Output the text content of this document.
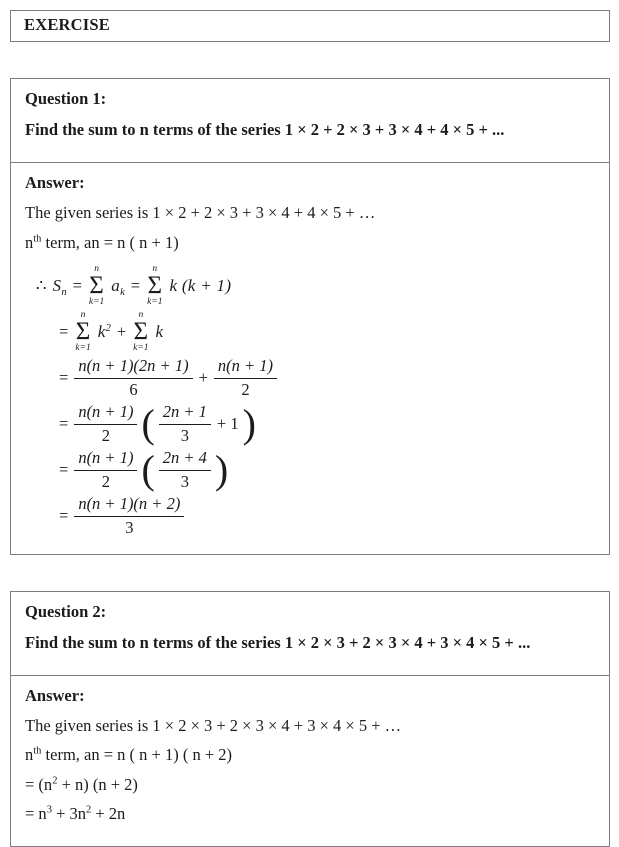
EXERCISE
Question 1:
Find the sum to n terms of the series 1 × 2 + 2 × 3 + 3 × 4 + 4 × 5 + ...
Answer:
The given series is 1 × 2 + 2 × 3 + 3 × 4 + 4 × 5 + …
$n^{th}$ term, an = n ( n + 1)
∴ S n =
n
Σ
k=1
a k =
n
Σ
k=1
k (k + 1)
=
n
Σ
k=1
k 2 +
n
Σ
k=1
k
= $\frac{n(n + 1)(2n + 1)}{6} + \frac{n(n + 1)}{2}$
= $\frac{n(n + 1)}{2}$ ( $\frac{2n + 1}{3} + 1$ )
= $\frac{n(n + 1)}{2}$ ( $\frac{2n + 4}{3}$ )
= $\frac{n(n + 1)(n + 2)}{3}$
Question 2:
Find the sum to n terms of the series 1 × 2 × 3 + 2 × 3 × 4 + 3 × 4 × 5 + ...
Answer:
The given series is 1 × 2 × 3 + 2 × 3 × 4 + 3 × 4 × 5 + …
$n^{th}$ term, an = n ( n + 1) ( n + 2)
= $(n^2 + n) (n + 2)$
= $n^3 + 3n^2 + 2n$
